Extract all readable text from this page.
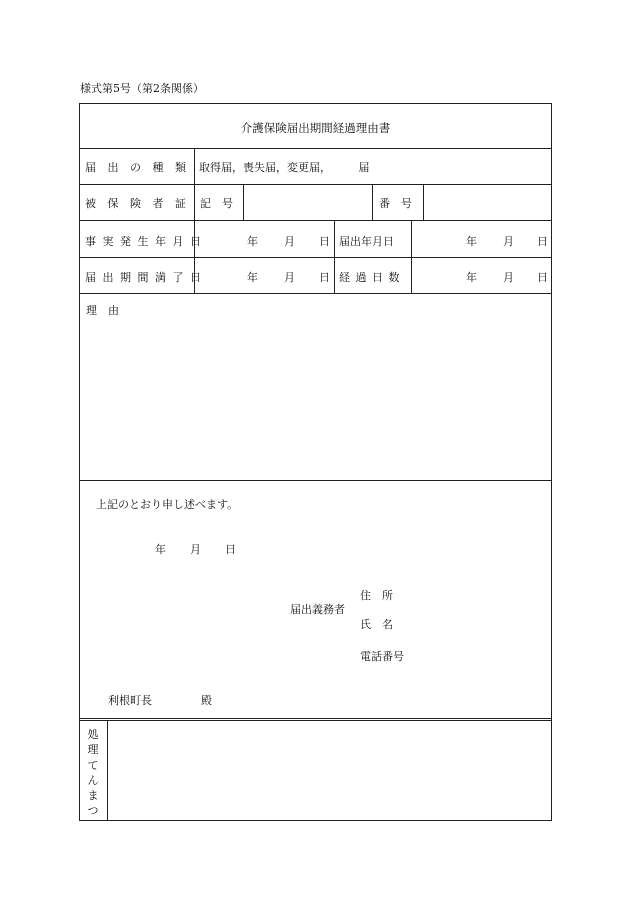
様式第5号（第2条関係）
介護保険届出期間経過理由書
届 出 の 種 類 取得届，喪失届，変更届，　　　届
被 保 険 者 証 記　号	番　号
事 実 発 生 年 月 日	年 月 日 届出年月日	年 月 日
届 出 期 間 満 了 日	年 月 日 経 過 日 数	年 月 日
理　由
上記のとおり申し述べます。
年 月 日
届出義務者
住　所
氏　名
電話番号
利根町長	殿
処理てんまつ
